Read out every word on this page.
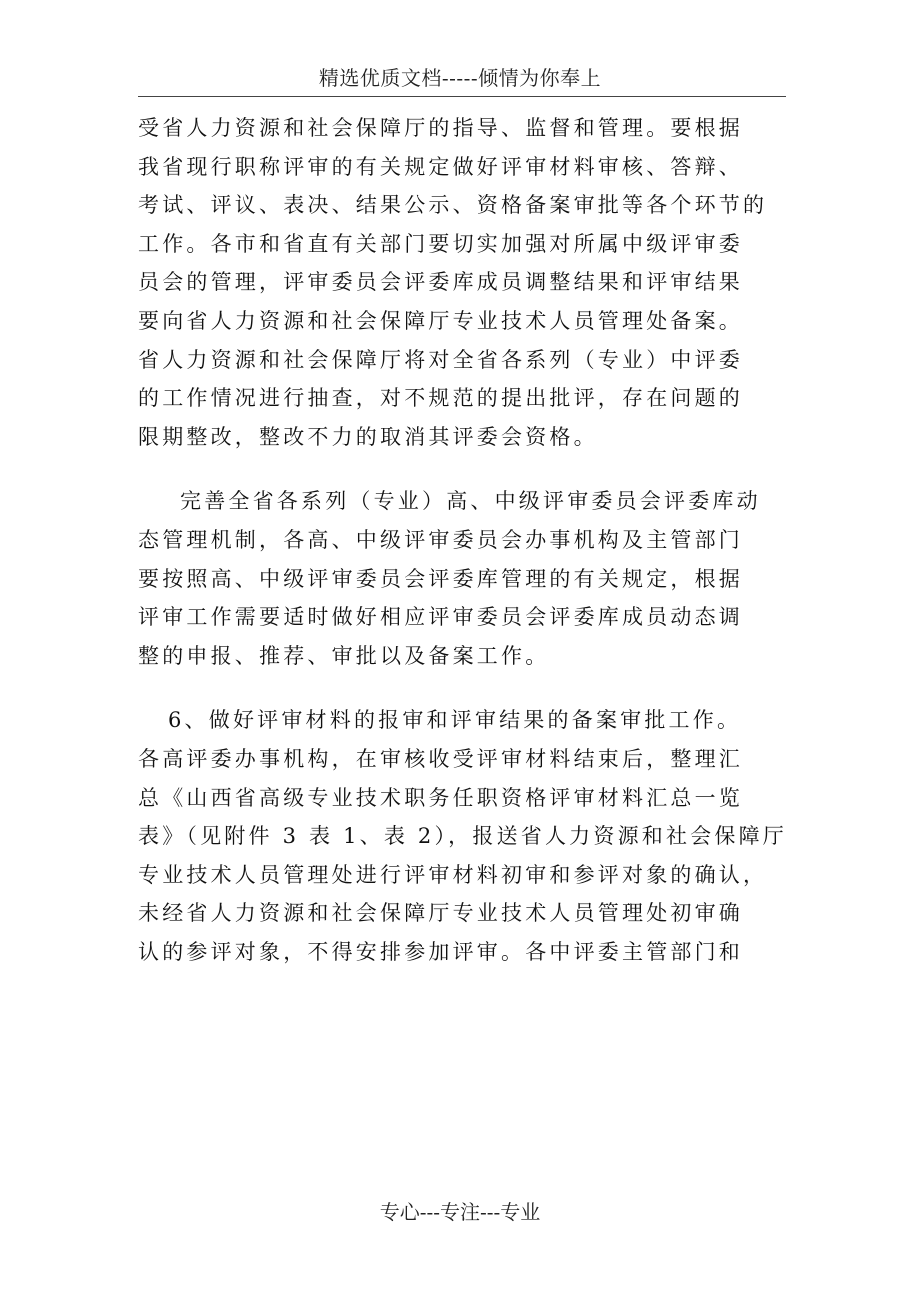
精选优质文档-----倾情为你奉上
受省人力资源和社会保障厅的指导、监督和管理。要根据
我省现行职称评审的有关规定做好评审材料审核、答辩、
考试、评议、表决、结果公示、资格备案审批等各个环节的
工作。各市和省直有关部门要切实加强对所属中级评审委
员会的管理，评审委员会评委库成员调整结果和评审结果
要向省人力资源和社会保障厅专业技术人员管理处备案。
省人力资源和社会保障厅将对全省各系列（专业）中评委
的工作情况进行抽查，对不规范的提出批评，存在问题的
限期整改，整改不力的取消其评委会资格。
完善全省各系列（专业）高、中级评审委员会评委库动
态管理机制，各高、中级评审委员会办事机构及主管部门
要按照高、中级评审委员会评委库管理的有关规定，根据
评审工作需要适时做好相应评审委员会评委库成员动态调
整的申报、推荐、审批以及备案工作。
6、做好评审材料的报审和评审结果的备案审批工作。
各高评委办事机构，在审核收受评审材料结束后，整理汇
总《山西省高级专业技术职务任职资格评审材料汇总一览
表》（见附件 3 表 1、表 2），报送省人力资源和社会保障厅
专业技术人员管理处进行评审材料初审和参评对象的确认，
未经省人力资源和社会保障厅专业技术人员管理处初审确
认的参评对象，不得安排参加评审。各中评委主管部门和
专心---专注---专业
